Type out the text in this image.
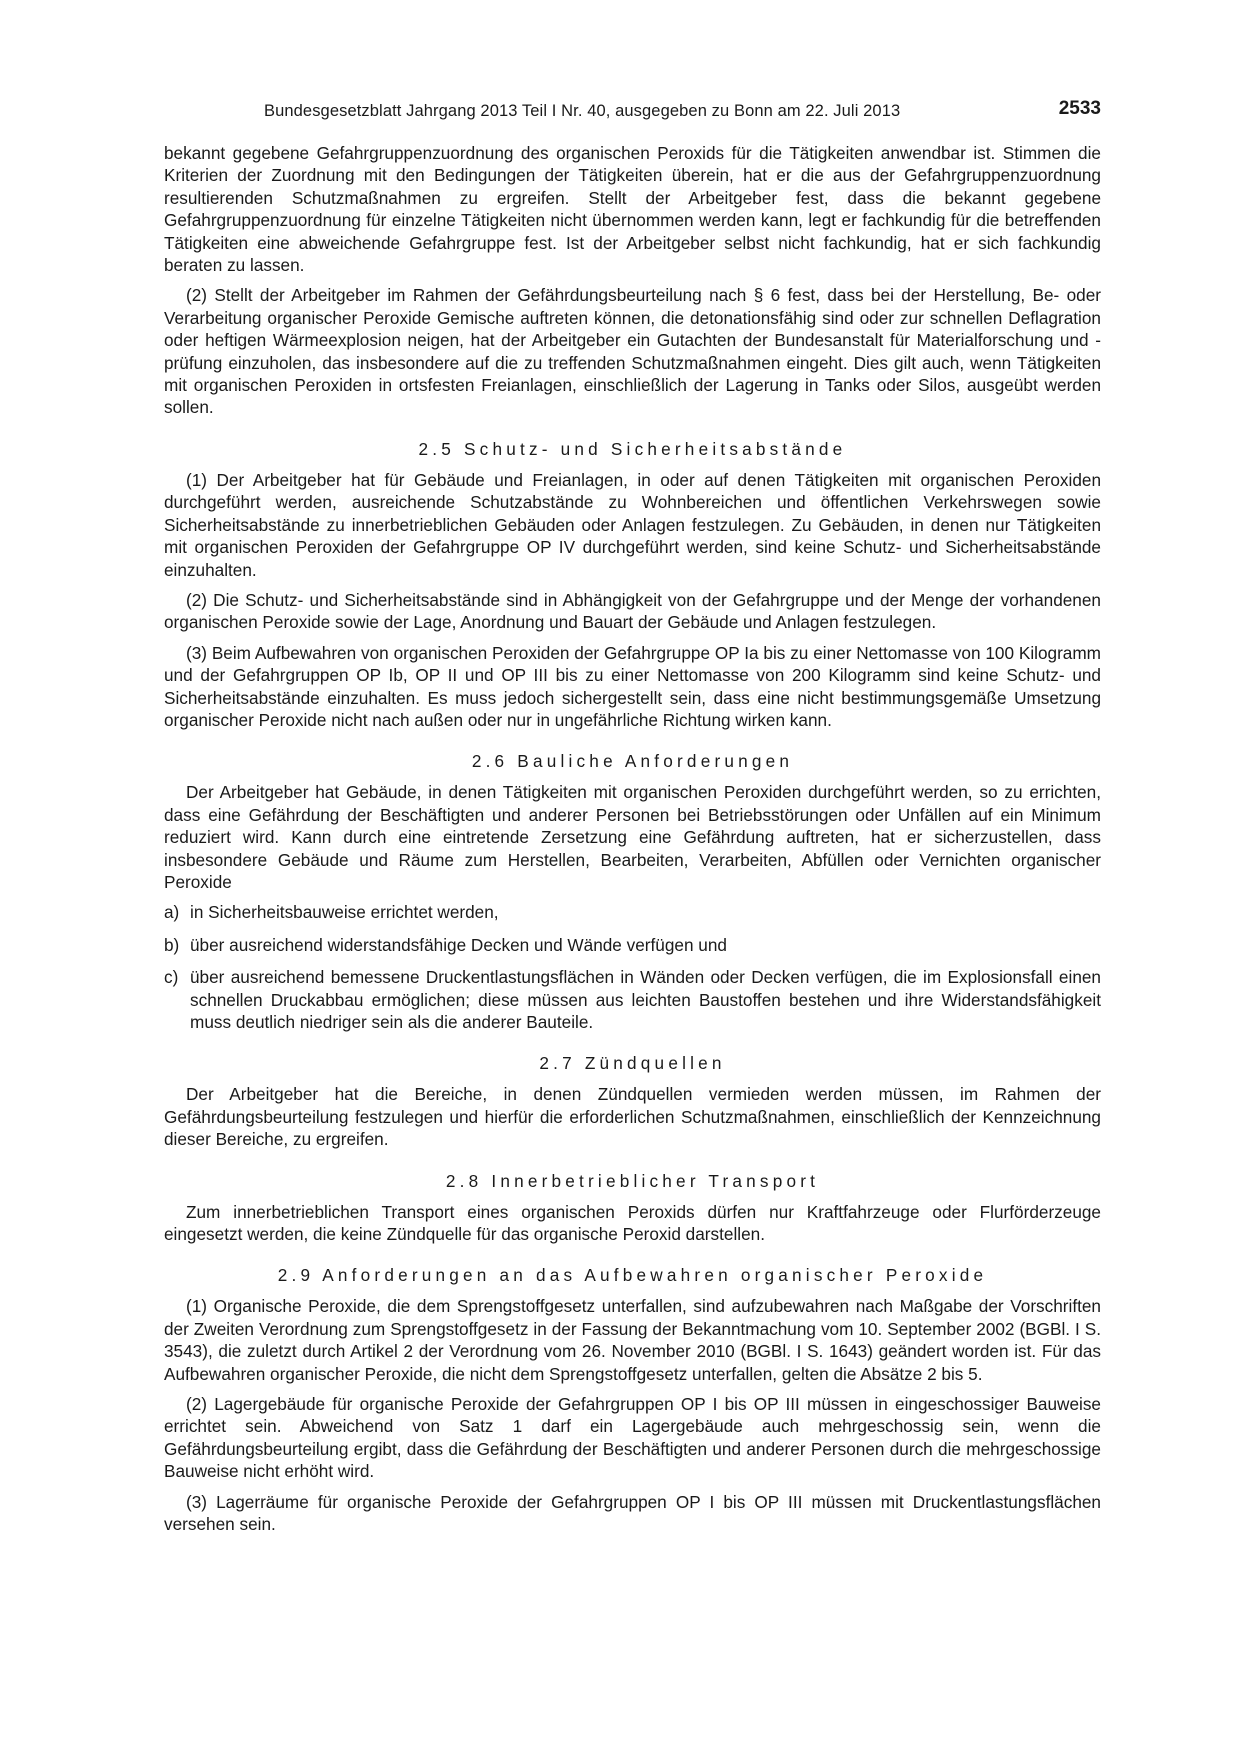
Bundesgesetzblatt Jahrgang 2013 Teil I Nr. 40, ausgegeben zu Bonn am 22. Juli 2013	2533

bekannt gegebene Gefahrgruppenzuordnung des organischen Peroxids für die Tätigkeiten anwendbar ist. Stimmen die Kriterien der Zuordnung mit den Bedingungen der Tätigkeiten überein, hat er die aus der Gefahrgruppenzuordnung resultierenden Schutzmaßnahmen zu ergreifen. Stellt der Arbeitgeber fest, dass die bekannt gegebene Gefahrgruppenzuordnung für einzelne Tätigkeiten nicht übernommen werden kann, legt er fachkundig für die betreffenden Tätigkeiten eine abweichende Gefahrgruppe fest. Ist der Arbeitgeber selbst nicht fachkundig, hat er sich fachkundig beraten zu lassen.

(2) Stellt der Arbeitgeber im Rahmen der Gefährdungsbeurteilung nach § 6 fest, dass bei der Herstellung, Be- oder Verarbeitung organischer Peroxide Gemische auftreten können, die detonationsfähig sind oder zur schnellen Deflagration oder heftigen Wärmeexplosion neigen, hat der Arbeitgeber ein Gutachten der Bundesanstalt für Materialforschung und -prüfung einzuholen, das insbesondere auf die zu treffenden Schutzmaßnahmen eingeht. Dies gilt auch, wenn Tätigkeiten mit organischen Peroxiden in ortsfesten Freianlagen, einschließlich der Lagerung in Tanks oder Silos, ausgeübt werden sollen.

2.5 Schutz- und Sicherheitsabstände

(1) Der Arbeitgeber hat für Gebäude und Freianlagen, in oder auf denen Tätigkeiten mit organischen Peroxiden durchgeführt werden, ausreichende Schutzabstände zu Wohnbereichen und öffentlichen Verkehrswegen sowie Sicherheitsabstände zu innerbetrieblichen Gebäuden oder Anlagen festzulegen. Zu Gebäuden, in denen nur Tätigkeiten mit organischen Peroxiden der Gefahrgruppe OP IV durchgeführt werden, sind keine Schutz- und Sicherheitsabstände einzuhalten.

(2) Die Schutz- und Sicherheitsabstände sind in Abhängigkeit von der Gefahrgruppe und der Menge der vorhandenen organischen Peroxide sowie der Lage, Anordnung und Bauart der Gebäude und Anlagen festzulegen.

(3) Beim Aufbewahren von organischen Peroxiden der Gefahrgruppe OP Ia bis zu einer Nettomasse von 100 Kilogramm und der Gefahrgruppen OP Ib, OP II und OP III bis zu einer Nettomasse von 200 Kilogramm sind keine Schutz- und Sicherheitsabstände einzuhalten. Es muss jedoch sichergestellt sein, dass eine nicht bestimmungsgemäße Umsetzung organischer Peroxide nicht nach außen oder nur in ungefährliche Richtung wirken kann.

2.6 Bauliche Anforderungen

Der Arbeitgeber hat Gebäude, in denen Tätigkeiten mit organischen Peroxiden durchgeführt werden, so zu errichten, dass eine Gefährdung der Beschäftigten und anderer Personen bei Betriebsstörungen oder Unfällen auf ein Minimum reduziert wird. Kann durch eine eintretende Zersetzung eine Gefährdung auftreten, hat er sicherzustellen, dass insbesondere Gebäude und Räume zum Herstellen, Bearbeiten, Verarbeiten, Abfüllen oder Vernichten organischer Peroxide

a) in Sicherheitsbauweise errichtet werden,
b) über ausreichend widerstandsfähige Decken und Wände verfügen und
c) über ausreichend bemessene Druckentlastungsflächen in Wänden oder Decken verfügen, die im Explosionsfall einen schnellen Druckabbau ermöglichen; diese müssen aus leichten Baustoffen bestehen und ihre Widerstandsfähigkeit muss deutlich niedriger sein als die anderer Bauteile.
2.7 Zündquellen

Der Arbeitgeber hat die Bereiche, in denen Zündquellen vermieden werden müssen, im Rahmen der Gefährdungsbeurteilung festzulegen und hierfür die erforderlichen Schutzmaßnahmen, einschließlich der Kennzeichnung dieser Bereiche, zu ergreifen.

2.8 Innerbetrieblicher Transport

Zum innerbetrieblichen Transport eines organischen Peroxids dürfen nur Kraftfahrzeuge oder Flurförderzeuge eingesetzt werden, die keine Zündquelle für das organische Peroxid darstellen.

2.9 Anforderungen an das Aufbewahren organischer Peroxide

(1) Organische Peroxide, die dem Sprengstoffgesetz unterfallen, sind aufzubewahren nach Maßgabe der Vorschriften der Zweiten Verordnung zum Sprengstoffgesetz in der Fassung der Bekanntmachung vom 10. September 2002 (BGBl. I S. 3543), die zuletzt durch Artikel 2 der Verordnung vom 26. November 2010 (BGBl. I S. 1643) geändert worden ist. Für das Aufbewahren organischer Peroxide, die nicht dem Sprengstoffgesetz unterfallen, gelten die Absätze 2 bis 5.

(2) Lagergebäude für organische Peroxide der Gefahrgruppen OP I bis OP III müssen in eingeschossiger Bauweise errichtet sein. Abweichend von Satz 1 darf ein Lagergebäude auch mehrgeschossig sein, wenn die Gefährdungsbeurteilung ergibt, dass die Gefährdung der Beschäftigten und anderer Personen durch die mehrgeschossige Bauweise nicht erhöht wird.

(3) Lagerräume für organische Peroxide der Gefahrgruppen OP I bis OP III müssen mit Druckentlastungsflächen versehen sein.
